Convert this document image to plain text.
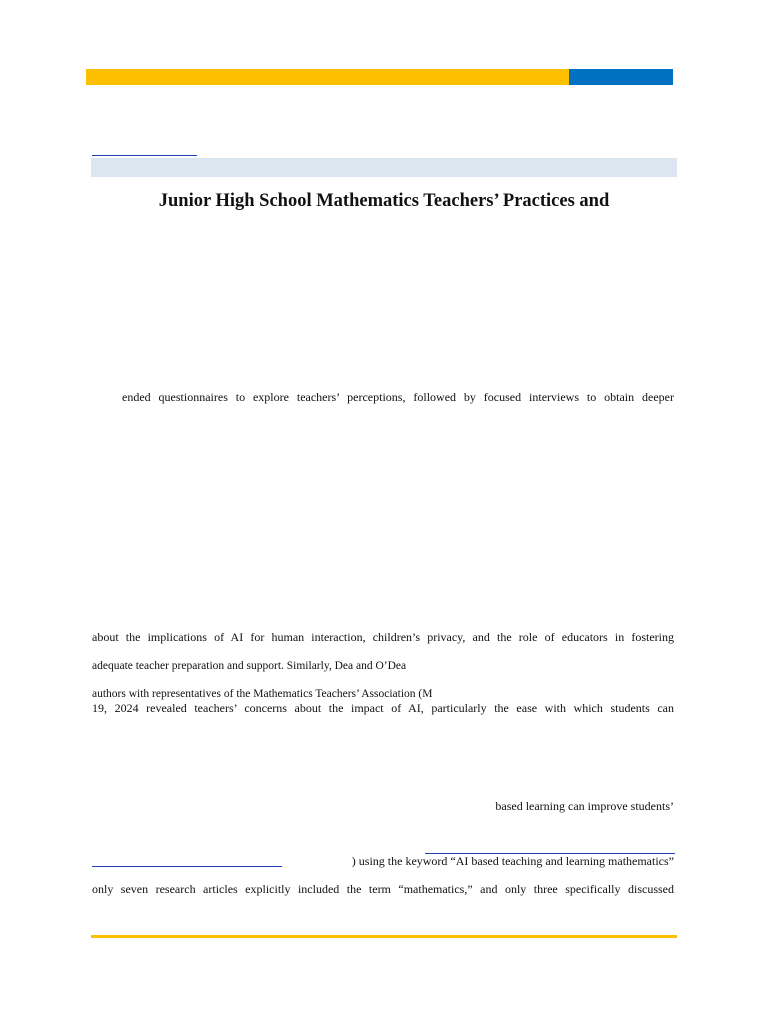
Junior High School Mathematics Teachers’ Practices and

ended questionnaires to explore teachers’ perceptions, followed by focused interviews to obtain deeper

about the implications of AI for human interaction, children’s privacy, and the role of educators in fostering

adequate teacher preparation and support. Similarly, Dea and O’Dea

authors with representatives of the Mathematics Teachers’ Association (M

19, 2024 revealed teachers’ concerns about the impact of AI, particularly the ease with which students can

based learning can improve students’

) using the keyword “AI based teaching and learning mathematics”

only seven research articles explicitly included the term “mathematics,” and only three specifically discussed
